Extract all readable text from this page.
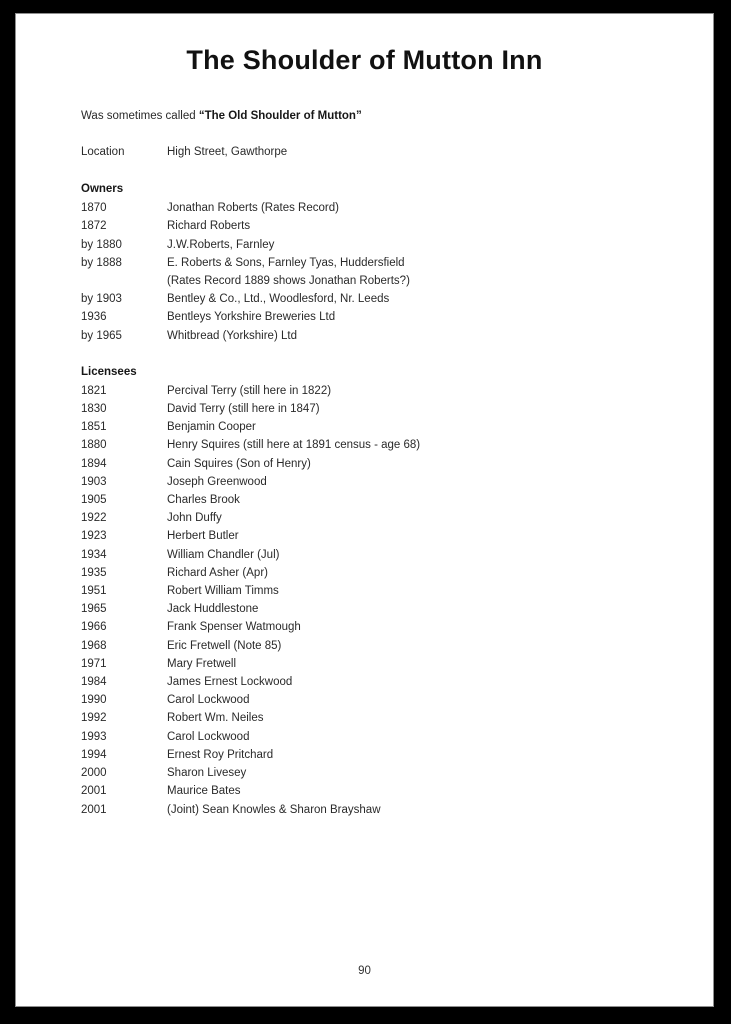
The Shoulder of Mutton Inn

Was sometimes called “The Old Shoulder of Mutton”

Location	High Street, Gawthorpe
Owners
1870	Jonathan Roberts (Rates Record)
1872	Richard Roberts
by 1880	J.W.Roberts, Farnley
by 1888	E. Roberts & Sons, Farnley Tyas, Huddersfield
(Rates Record 1889 shows Jonathan Roberts?)
by 1903	Bentley & Co., Ltd., Woodlesford, Nr. Leeds
1936	Bentleys Yorkshire Breweries Ltd
by 1965	Whitbread (Yorkshire) Ltd
Licensees
1821	Percival Terry (still here in 1822)
1830	David Terry (still here in 1847)
1851	Benjamin Cooper
1880	Henry Squires (still here at 1891 census - age 68)
1894	Cain Squires (Son of Henry)
1903	Joseph Greenwood
1905	Charles Brook
1922	John Duffy
1923	Herbert Butler
1934	William Chandler (Jul)
1935	Richard Asher (Apr)
1951	Robert William Timms
1965	Jack Huddlestone
1966	Frank Spenser Watmough
1968	Eric Fretwell (Note 85)
1971	Mary Fretwell
1984	James Ernest Lockwood
1990	Carol Lockwood
1992	Robert Wm. Neiles
1993	Carol Lockwood
1994	Ernest Roy Pritchard
2000	Sharon Livesey
2001	Maurice Bates
2001	(Joint) Sean Knowles & Sharon Brayshaw
90
